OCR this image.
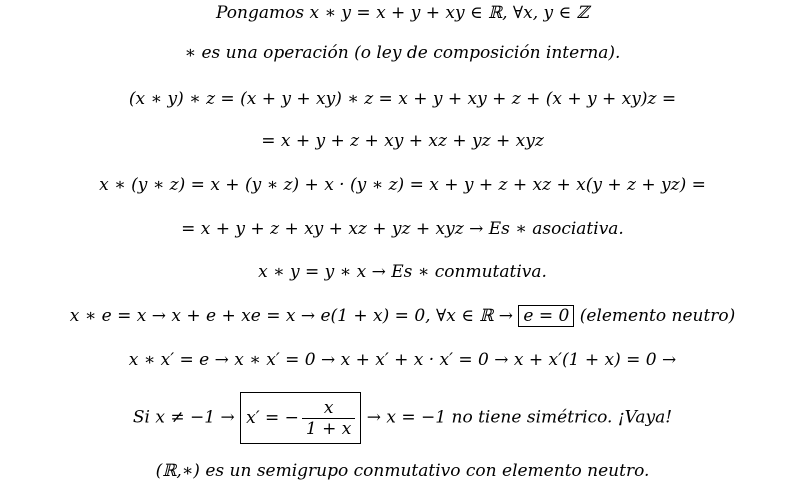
Pongamos x ∗ y = x + y + xy ∈ ℝ, ∀x, y ∈ ℤ
∗ es una operación (o ley de composición interna).
(x ∗ y) ∗ z = (x + y + xy) ∗ z = x + y + xy + z + (x + y + xy)z =
= x + y + z + xy + xz + yz + xyz
x ∗ (y ∗ z) = x + (y ∗ z) + x · (y ∗ z) = x + y + z + xz + x(y + z + yz) =
= x + y + z + xy + xz + yz + xyz → Es ∗ asociativa.
x ∗ y = y ∗ x → Es ∗ conmutativa.
x ∗ e = x → x + e + xe = x → e(1 + x) = 0, ∀x ∈ ℝ → e = 0 (elemento neutro)
x ∗ x′ = e → x ∗ x′ = 0 → x + x′ + x · x′ = 0 → x + x′(1 + x) = 0 →
Si x ≠ −1 → x′ = − $\frac{x}{1 + x} \to x = -1$ no tiene simétrico. ¡Vaya!
(ℝ,∗) es un semigrupo conmutativo con elemento neutro.
